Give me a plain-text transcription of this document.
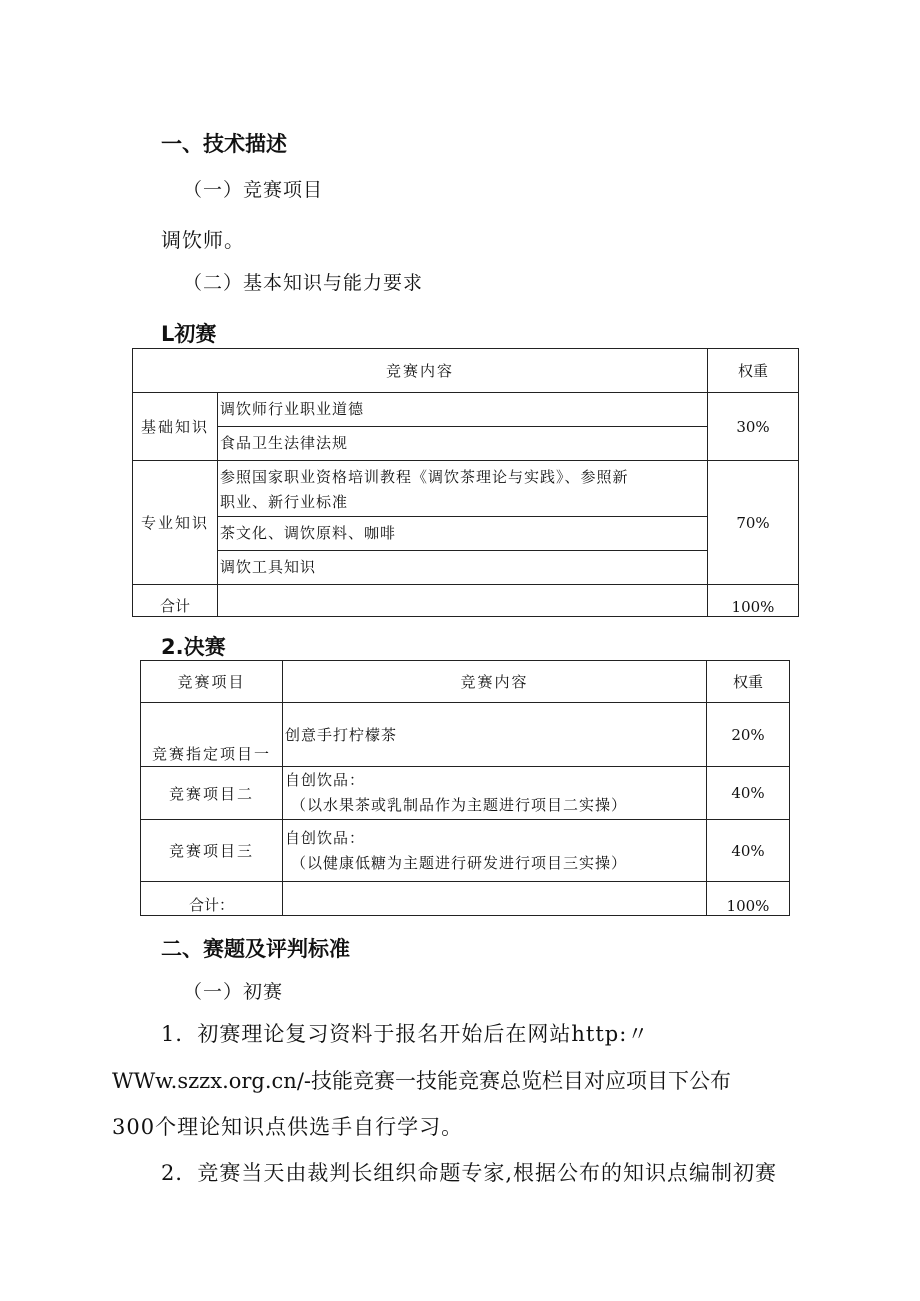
一、技术描述
（一）竞赛项目
调饮师。
（二）基本知识与能力要求
L初赛
竞赛内容		权重
基础知识	调饮师行业职业道德
食品卫生法律法规	30%
专业知识	参照国家职业资格培训教程《调饮茶理论与实践》、参照新
职业、新行业标准
茶文化、调饮原料、咖啡
调饮工具知识	70%
合计		100%
2.决赛
竞赛项目	竞赛内容	权重
竞赛指定项目一	创意手打柠檬茶	20%
竞赛项目二	自创饮品：
（以水果茶或乳制品作为主题进行项目二实操）	40%
竞赛项目三	自创饮品：
（以健康低糖为主题进行研发进行项目三实操）	40%
合计：		100%
二、赛题及评判标准
（一）初赛
1．初赛理论复习资料于报名开始后在网站http:〃
WWw.szzx.org.cn/-技能竞赛一技能竞赛总览栏目对应项目下公布
300个理论知识点供选手自行学习。
2．竞赛当天由裁判长组织命题专家,根据公布的知识点编制初赛
